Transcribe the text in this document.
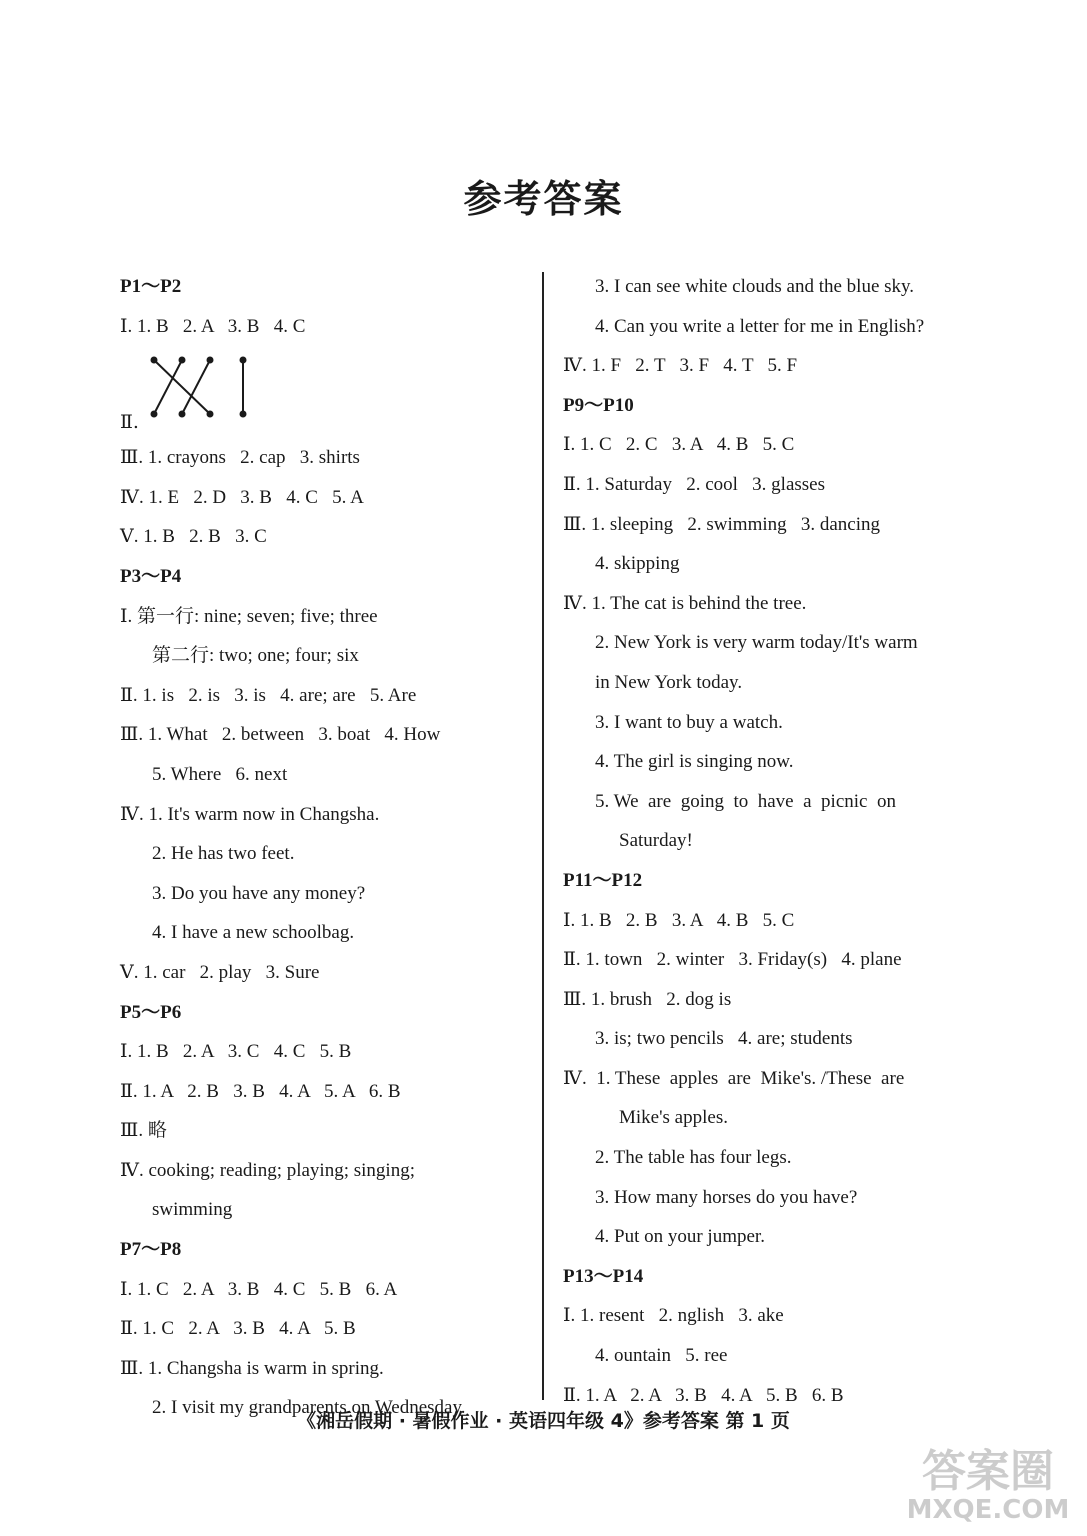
参考答案
P1～P2
Ⅰ. 1. B   2. A   3. B   4. C
Ⅱ.
Ⅲ. 1. crayons   2. cap   3. shirts
Ⅳ. 1. E   2. D   3. B   4. C   5. A
Ⅴ. 1. B   2. B   3. C
P3～P4
Ⅰ. 第一行: nine; seven; five; three
第二行: two; one; four; six
Ⅱ. 1. is   2. is   3. is   4. are; are   5. Are
Ⅲ. 1. What   2. between   3. boat   4. How
5. Where   6. next
Ⅳ. 1. It's warm now in Changsha.
2. He has two feet.
3. Do you have any money?
4. I have a new schoolbag.
Ⅴ. 1. car   2. play   3. Sure
P5～P6
Ⅰ. 1. B   2. A   3. C   4. C   5. B
Ⅱ. 1. A   2. B   3. B   4. A   5. A   6. B
Ⅲ. 略
Ⅳ. cooking; reading; playing; singing;
swimming
P7～P8
Ⅰ. 1. C   2. A   3. B   4. C   5. B   6. A
Ⅱ. 1. C   2. A   3. B   4. A   5. B
Ⅲ. 1. Changsha is warm in spring.
2. I visit my grandparents on Wednesday.
3. I can see white clouds and the blue sky.
4. Can you write a letter for me in English?
Ⅳ. 1. F   2. T   3. F   4. T   5. F
P9～P10
Ⅰ. 1. C   2. C   3. A   4. B   5. C
Ⅱ. 1. Saturday   2. cool   3. glasses
Ⅲ. 1. sleeping   2. swimming   3. dancing
4. skipping
Ⅳ. 1. The cat is behind the tree.
2. New York is very warm today/It's warm
in New York today.
3. I want to buy a watch.
4. The girl is singing now.
5. We  are  going  to  have  a  picnic  on
Saturday!
P11～P12
Ⅰ. 1. B   2. B   3. A   4. B   5. C
Ⅱ. 1. town   2. winter   3. Friday(s)   4. plane
Ⅲ. 1. brush   2. dog is
3. is; two pencils   4. are; students
Ⅳ.  1. These  apples  are  Mike's. /These  are
Mike's apples.
2. The table has four legs.
3. How many horses do you have?
4. Put on your jumper.
P13～P14
Ⅰ. 1. resent   2. nglish   3. ake
4. ountain   5. ree
Ⅱ. 1. A   2. A   3. B   4. A   5. B   6. B
《湘岳假期 · 暑假作业 · 英语四年级 4》参考答案 第 1 页
答案圈
MXQE.COM
